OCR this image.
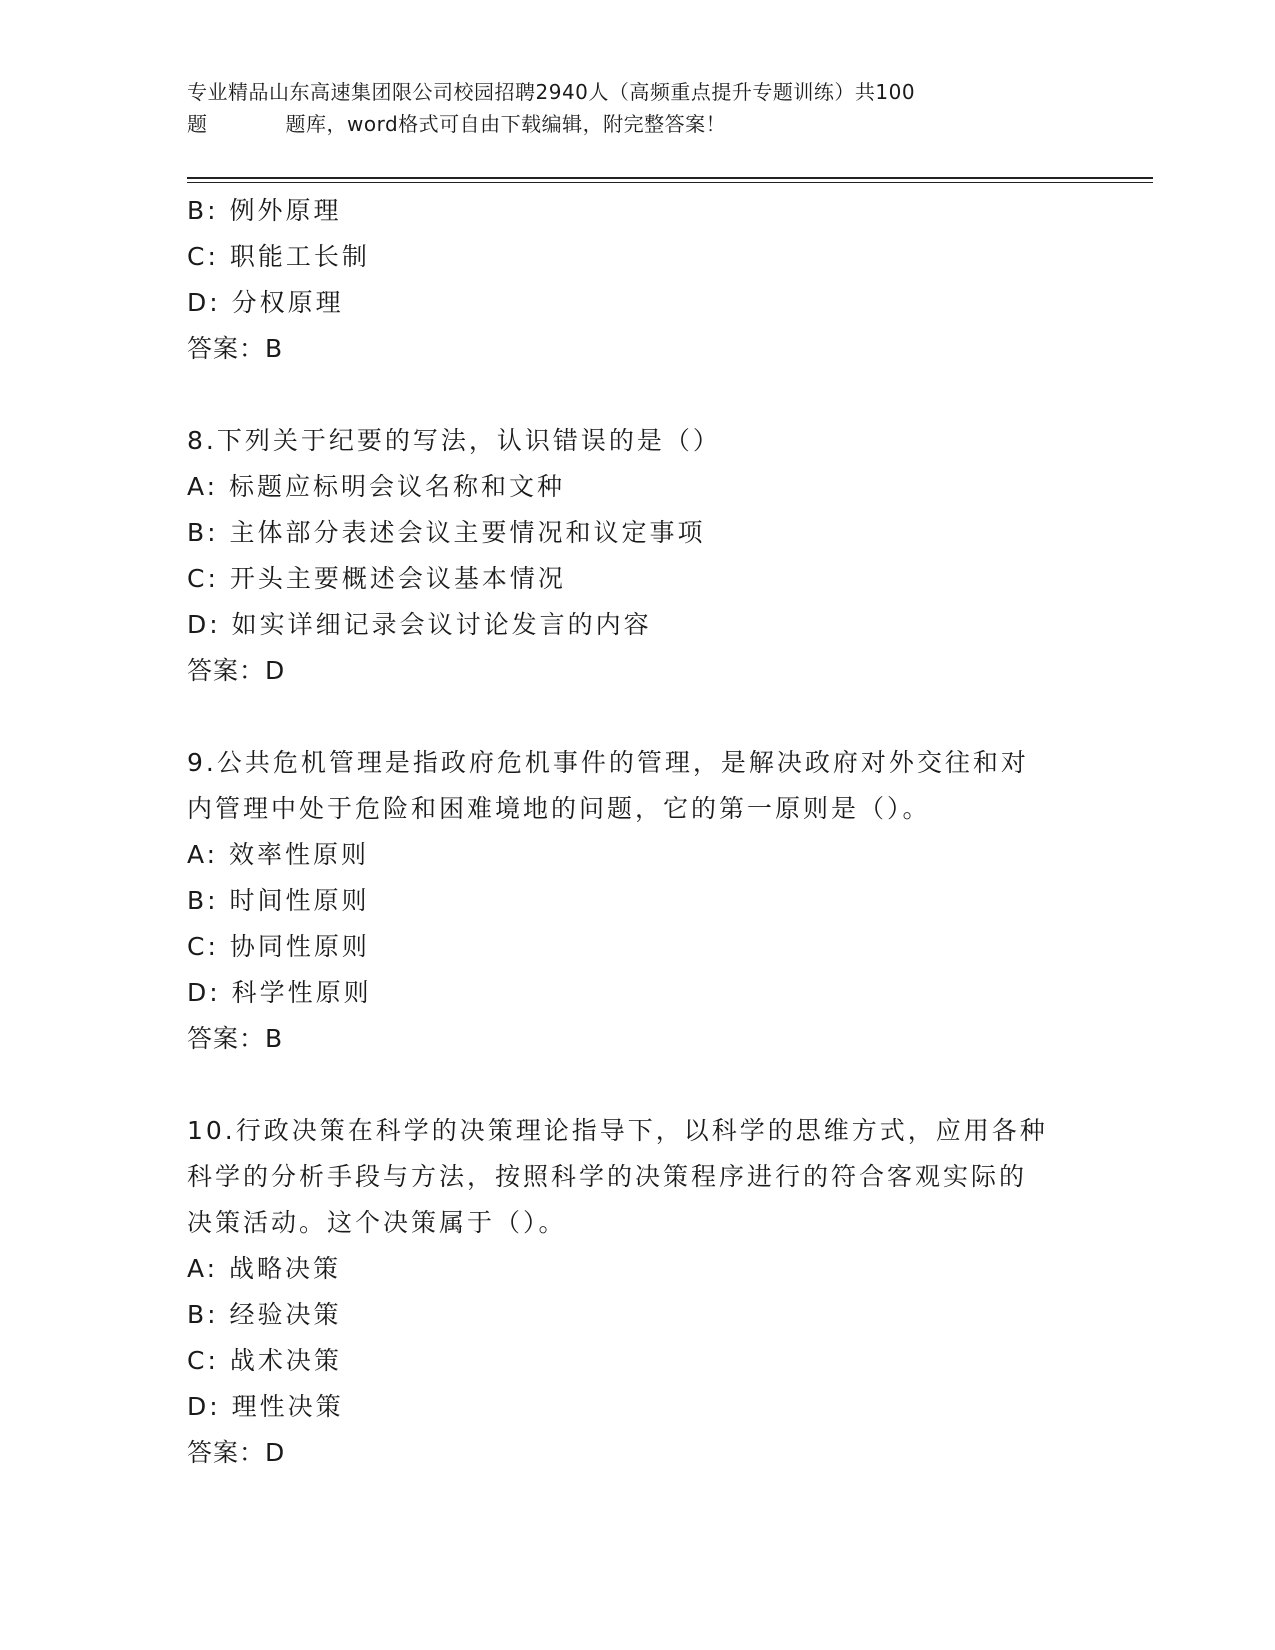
专业精品山东高速集团限公司校园招聘2940人（高频重点提升专题训练）共100
题	题库，word格式可自由下载编辑，附完整答案！
B: 例外原理
C: 职能工长制
D: 分权原理
答案：B
8.下列关于纪要的写法，认识错误的是（）
A: 标题应标明会议名称和文种
B: 主体部分表述会议主要情况和议定事项
C: 开头主要概述会议基本情况
D: 如实详细记录会议讨论发言的内容
答案：D
9.公共危机管理是指政府危机事件的管理，是解决政府对外交往和对
内管理中处于危险和困难境地的问题，它的第一原则是（）。
A: 效率性原则
B: 时间性原则
C: 协同性原则
D: 科学性原则
答案：B
10.行政决策在科学的决策理论指导下，以科学的思维方式，应用各种
科学的分析手段与方法，按照科学的决策程序进行的符合客观实际的
决策活动。这个决策属于（）。
A: 战略决策
B: 经验决策
C: 战术决策
D: 理性决策
答案：D
